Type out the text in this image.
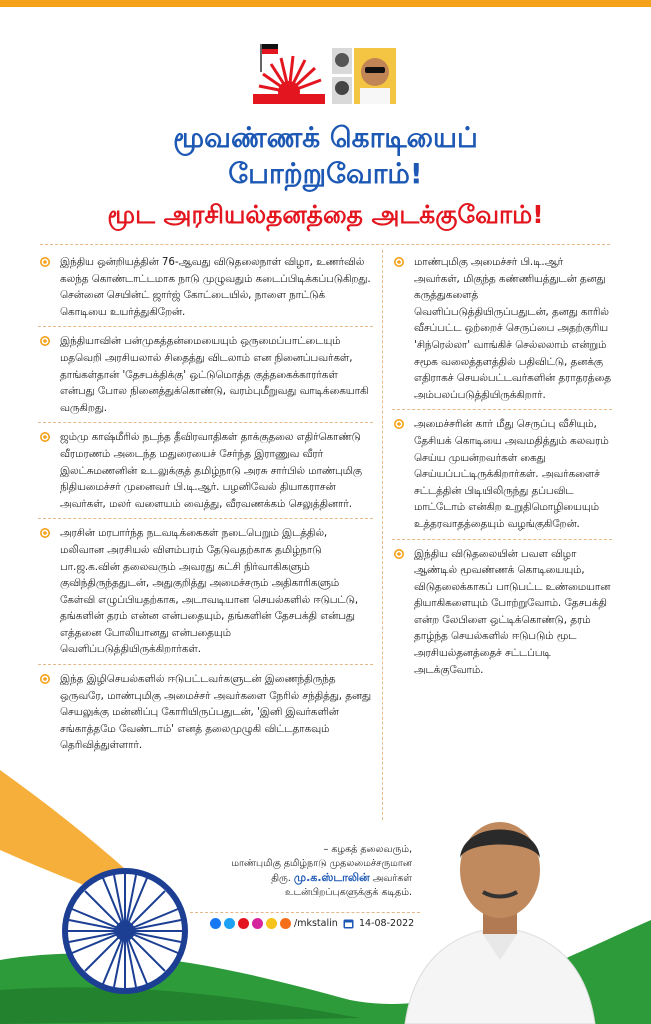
மூவண்ணக் கொடியைப்
போற்றுவோம்!
மூட அரசியல்தனத்தை அடக்குவோம்!
இந்திய ஒன்றியத்தின் 76-ஆவது விடுதலைநாள் விழா, உணர்வில் கலந்த கொண்டாட்டமாக நாடு முழுவதும் கடைப்பிடிக்கப்படுகிறது. சென்னை செயின்ட் ஜார்ஜ் கோட்டையில், நாளை நாட்டுக் கொடியை உயர்த்துகிறேன்.
இந்தியாவின் பன்முகத்தன்மையையும் ஒருமைப்பாட்டையும் மதவெறி அரசியலால் சிதைத்து விடலாம் என நினைப்பவர்கள், தாங்கள்தான் 'தேசபக்திக்கு' ஒட்டுமொத்த குத்தகைக்காரர்கள் என்பது போல நினைத்துக்கொண்டு, வரம்புமீறுவது வாடிக்கையாகி வருகிறது.
ஜம்மு காஷ்மீரில் நடந்த தீவிரவாதிகள் தாக்குதலை எதிர்கொண்டு வீரமரணம் அடைந்த மதுரையைச் சேர்ந்த இராணுவ வீரர் இலட்சுமணனின் உடலுக்குத் தமிழ்நாடு அரசு சார்பில் மாண்புமிகு நிதியமைச்சர் முனைவர் பி.டி.ஆர். பழனிவேல் தியாகராசன் அவர்கள், மலர் வளையம் வைத்து, வீரவணக்கம் செலுத்தினார்.
அரசின் மரபார்ந்த நடவடிக்கைகள் நடைபெறும் இடத்தில், மலிவான அரசியல் விளம்பரம் தேடுவதற்காக தமிழ்நாடு பா.ஜ.க.வின் தலைவரும் அவரது கட்சி நிர்வாகிகளும் குவிந்திருந்ததுடன், அதுகுறித்து அமைச்சரும் அதிகாரிகளும் கேள்வி எழுப்பியதற்காக, அடாவடியான செயல்களில் ஈடுபட்டு, தங்களின் தரம் என்ன என்பதையும், தங்களின் தேசபக்தி என்பது எத்தனை போலியானது என்பதையும் வெளிப்படுத்தியிருக்கிறார்கள்.
இந்த இழிசெயல்களில் ஈடுபட்டவர்களுடன் இணைந்திருந்த ஒருவரே, மாண்புமிகு அமைச்சர் அவர்களை நேரில் சந்தித்து, தனது செயலுக்கு மன்னிப்பு கோரியிருப்பதுடன், 'இனி இவர்களின் சங்காத்தமே வேண்டாம்' எனத் தலைமுழுகி விட்டதாகவும் தெரிவித்துள்ளார்.
மாண்புமிகு அமைச்சர் பி.டி.ஆர் அவர்கள், மிகுந்த கண்ணியத்துடன் தனது கருத்துகளைத் வெளிப்படுத்தியிருப்பதுடன், தனது காரில் வீசப்பட்ட ஒற்றைச் செருப்பை அதற்குரிய 'சிந்ரெல்லா' வாங்கிச் செல்லலாம் என்றும் சமூக வலைத்தளத்தில் பதிவிட்டு, தனக்கு எதிராகச் செயல்பட்டவர்களின் தராதரத்தை அம்பலப்படுத்தியிருக்கிறார்.
அமைச்சரின் கார் மீது செருப்பு வீசியும், தேசியக் கொடியை அவமதித்தும் கலவரம் செய்ய முயன்றவர்கள் கைது செய்யப்பட்டிருக்கிறார்கள். அவர்களைச் சட்டத்தின் பிடியிலிருந்து தப்பவிட மாட்டோம் என்கிற உறுதிமொழியையும் உத்தரவாதத்தையும் வழங்குகிறேன்.
இந்திய விடுதலையின் பவள விழா ஆண்டில் மூவண்ணக் கொடியையும், விடுதலைக்காகப் பாடுபட்ட உண்மையான தியாகிகளையும் போற்றுவோம். தேசபக்தி என்ற லேபிளை ஒட்டிக்கொண்டு, தரம் தாழ்ந்த செயல்களில் ஈடுபடும் மூட அரசியல்தனத்தைச் சட்டப்படி அடக்குவோம்.
– கழகத் தலைவரும்,
மாண்புமிகு தமிழ்நாடு முதலமைச்சருமான
திரு. மு.க.ஸ்டாலின் அவர்கள்
உடன்பிறப்புகளுக்குக் கடிதம்.
/mkstalin 14-08-2022
